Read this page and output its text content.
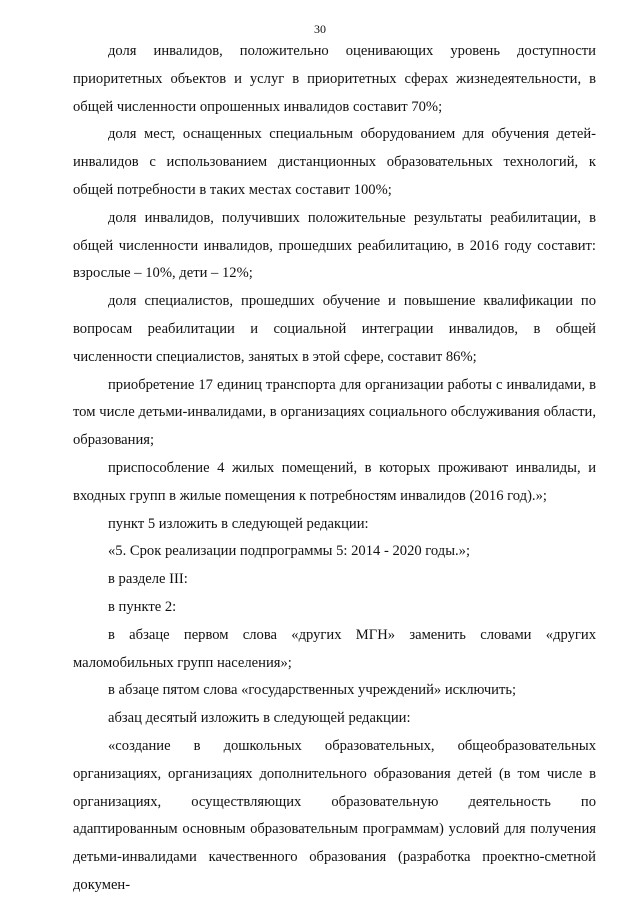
30

доля инвалидов, положительно оценивающих уровень доступности приоритетных объектов и услуг в приоритетных сферах жизнедеятельности, в общей численности опрошенных инвалидов составит 70%;

доля мест, оснащенных специальным оборудованием для обучения детей-инвалидов с использованием дистанционных образовательных технологий, к общей потребности в таких местах составит 100%;

доля инвалидов, получивших положительные результаты реабилитации, в общей численности инвалидов, прошедших реабилитацию, в 2016 году составит: взрослые – 10%, дети – 12%;

доля специалистов, прошедших обучение и повышение квалификации по вопросам реабилитации и социальной интеграции инвалидов, в общей численности специалистов, занятых в этой сфере, составит 86%;

приобретение 17 единиц транспорта для организации работы с инвалидами, в том числе детьми-инвалидами, в организациях социального обслуживания области, образования;

приспособление 4 жилых помещений, в которых проживают инвалиды, и входных групп в жилые помещения к потребностям инвалидов (2016 год).»;

пункт 5 изложить в следующей редакции:

«5. Срок реализации подпрограммы 5: 2014 - 2020 годы.»;

в разделе III:

в пункте 2:

в абзаце первом слова «других МГН» заменить словами «других маломобильных групп населения»;

в абзаце пятом слова «государственных учреждений» исключить;

абзац десятый изложить в следующей редакции:

«создание в дошкольных образовательных, общеобразовательных организациях, организациях дополнительного образования детей (в том числе в организациях, осуществляющих образовательную деятельность по адаптированным основным образовательным программам) условий для получения детьми-инвалидами качественного образования (разработка проектно-сметной докумен-
